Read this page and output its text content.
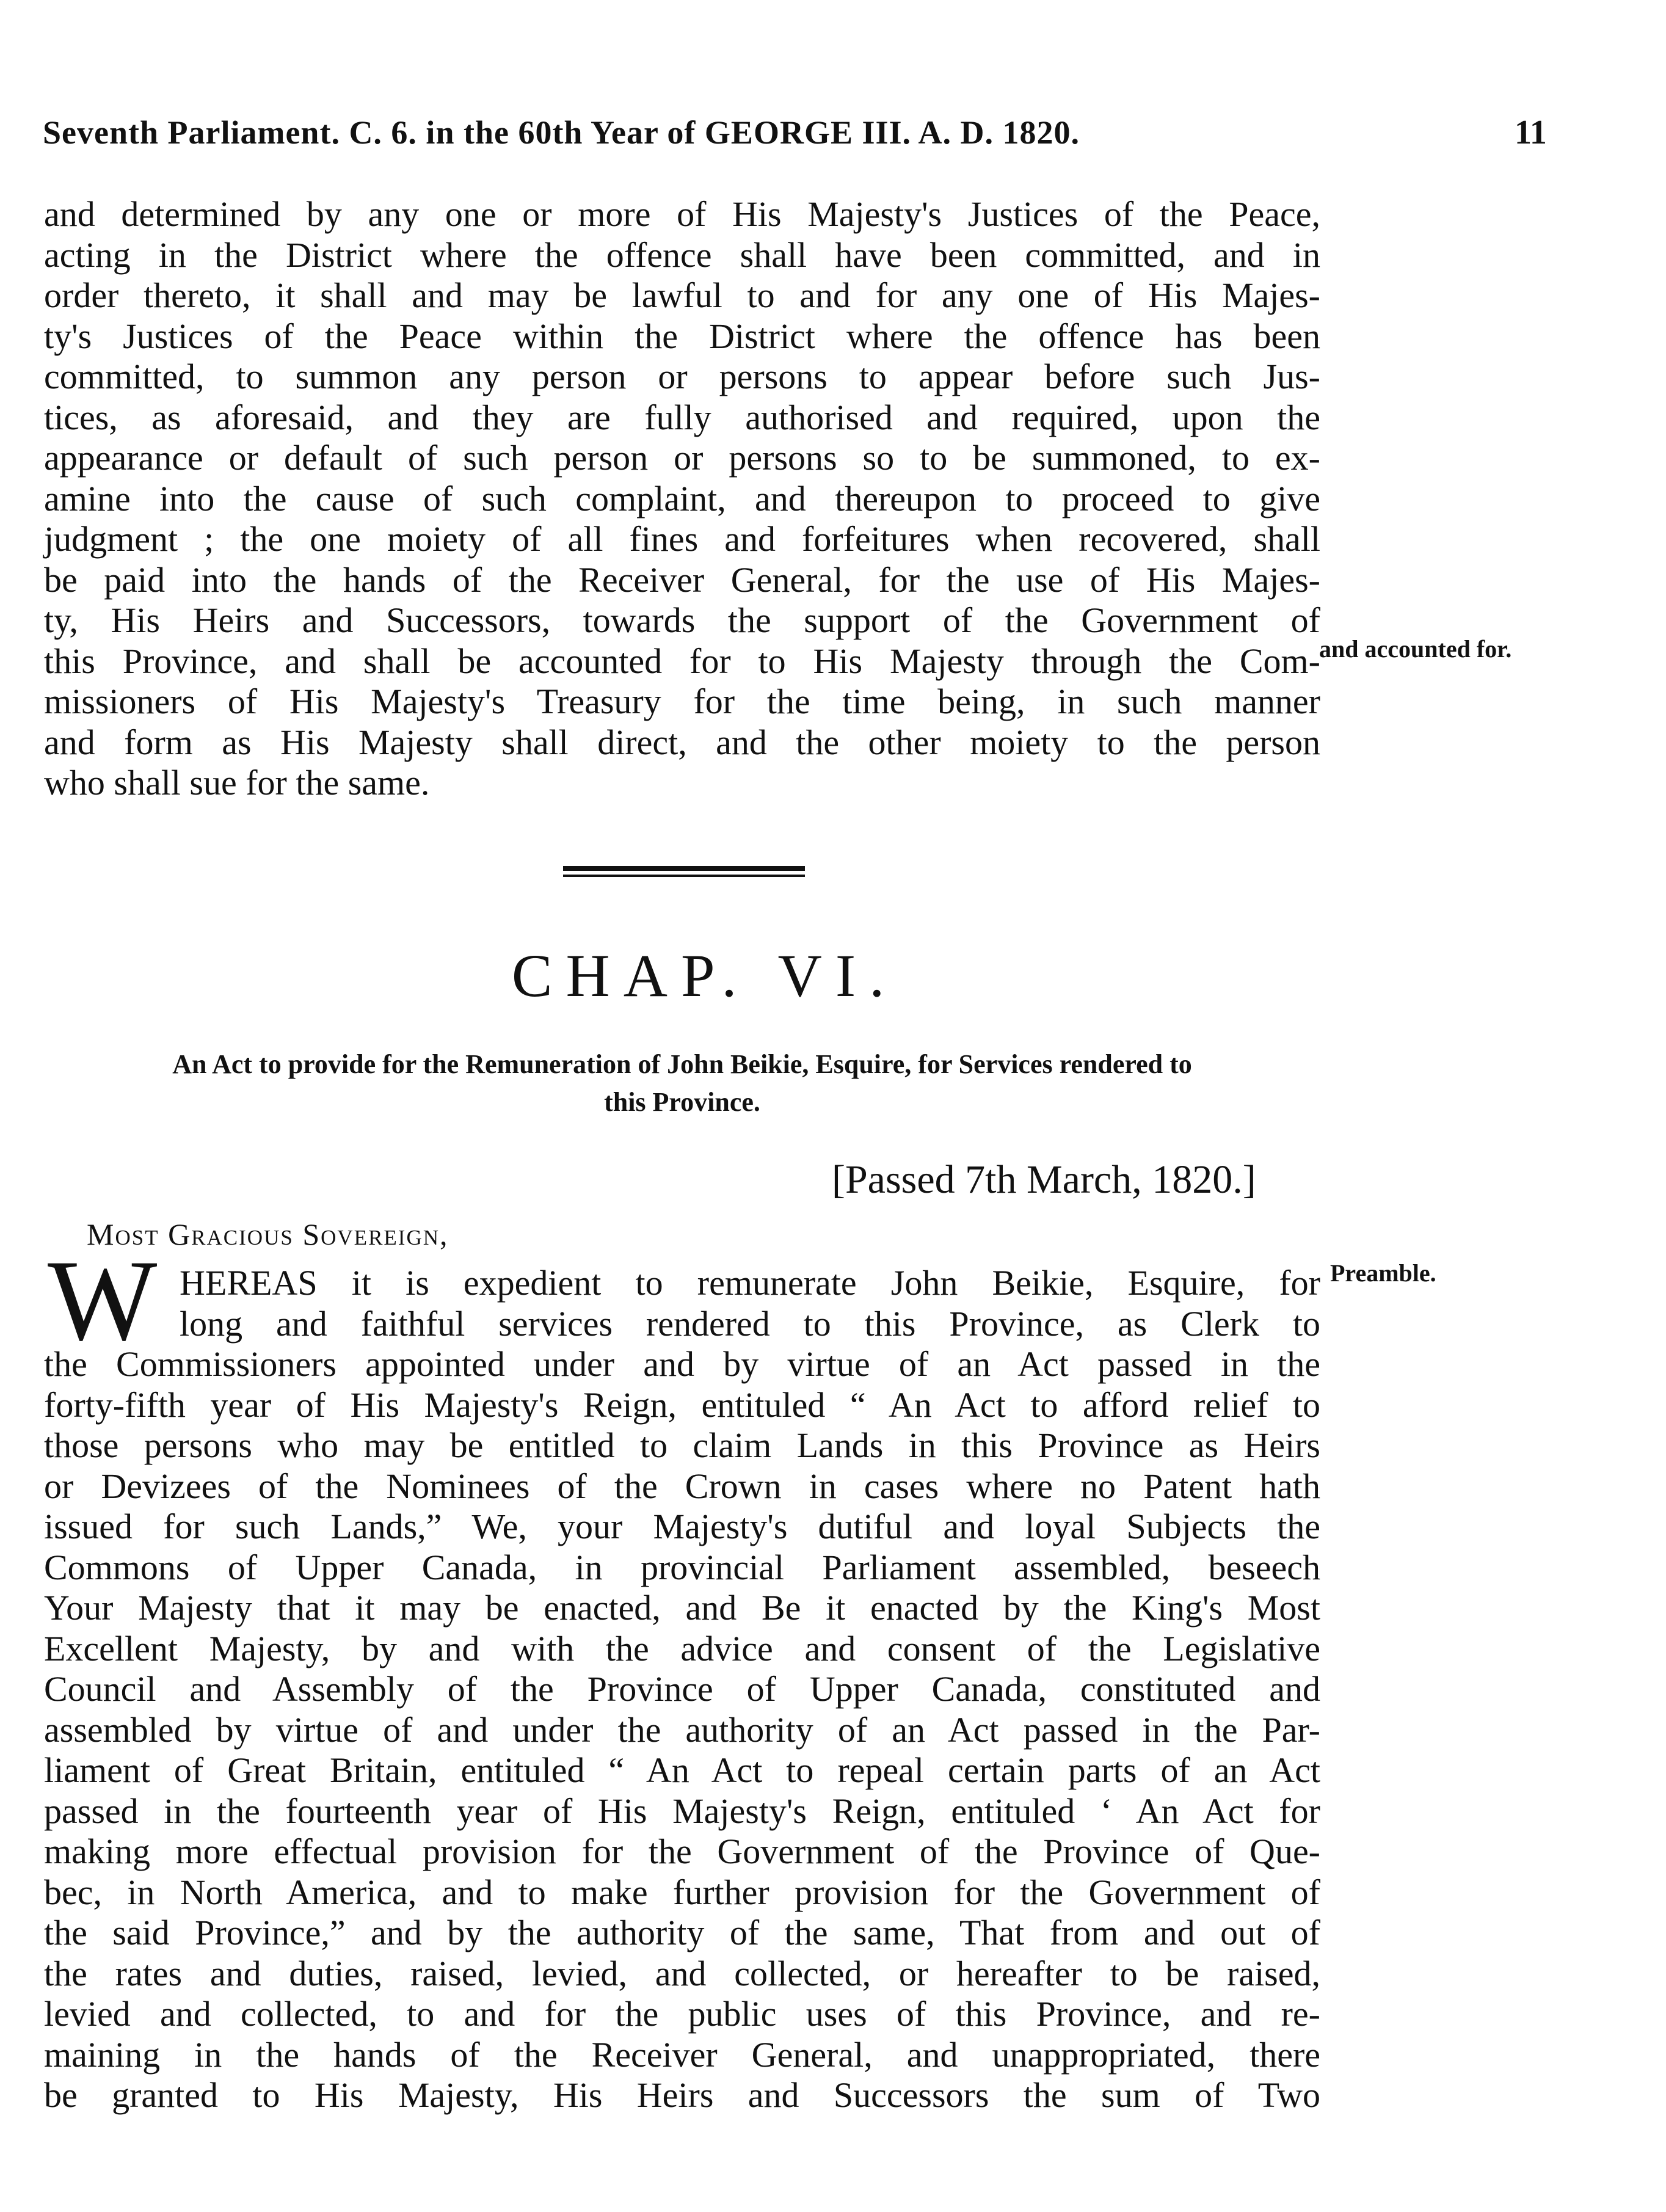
Seventh Parliament. C. 6. in the 60th Year of GEORGE III. A. D. 1820.	11
and determined by any one or more of His Majesty's Justices of the Peace,
acting in the District where the offence shall have been committed, and in
order thereto, it shall and may be lawful to and for any one of His Majes-
ty's Justices of the Peace within the District where the offence has been
committed, to summon any person or persons to appear before such Jus-
tices, as aforesaid, and they are fully authorised and required, upon the
appearance or default of such person or persons so to be summoned, to ex-
amine into the cause of such complaint, and thereupon to proceed to give
judgment ; the one moiety of all fines and forfeitures when recovered, shall
be paid into the hands of the Receiver General, for the use of His Majes-
ty, His Heirs and Successors, towards the support of the Government of
this Province, and shall be accounted for to His Majesty through the Com-
missioners of His Majesty's Treasury for the time being, in such manner
and form as His Majesty shall direct, and the other moiety to the person
who shall sue for the same.
and accounted for.
CHAP. VI.
An Act to provide for the Remuneration of John Beikie, Esquire, for Services rendered to
this Province.
[Passed 7th March, 1820.]
Most Gracious Sovereign,
Preamble.
W HEREAS it is expedient to remunerate John Beikie, Esquire, for
long and faithful services rendered to this Province, as Clerk to
the Commissioners appointed under and by virtue of an Act passed in the
forty-fifth year of His Majesty's Reign, entituled “ An Act to afford relief to
those persons who may be entitled to claim Lands in this Province as Heirs
or Devizees of the Nominees of the Crown in cases where no Patent hath
issued for such Lands,” We, your Majesty's dutiful and loyal Subjects the
Commons of Upper Canada, in provincial Parliament assembled, beseech
Your Majesty that it may be enacted, and Be it enacted by the King's Most
Excellent Majesty, by and with the advice and consent of the Legislative
Council and Assembly of the Province of Upper Canada, constituted and
assembled by virtue of and under the authority of an Act passed in the Par-
liament of Great Britain, entituled “ An Act to repeal certain parts of an Act
passed in the fourteenth year of His Majesty's Reign, entituled ‘ An Act for
making more effectual provision for the Government of the Province of Que-
bec, in North America, and to make further provision for the Government of
the said Province,” and by the authority of the same, That from and out of
the rates and duties, raised, levied, and collected, or hereafter to be raised,
levied and collected, to and for the public uses of this Province, and re-
maining in the hands of the Receiver General, and unappropriated, there
be granted to His Majesty, His Heirs and Successors the sum of Two
